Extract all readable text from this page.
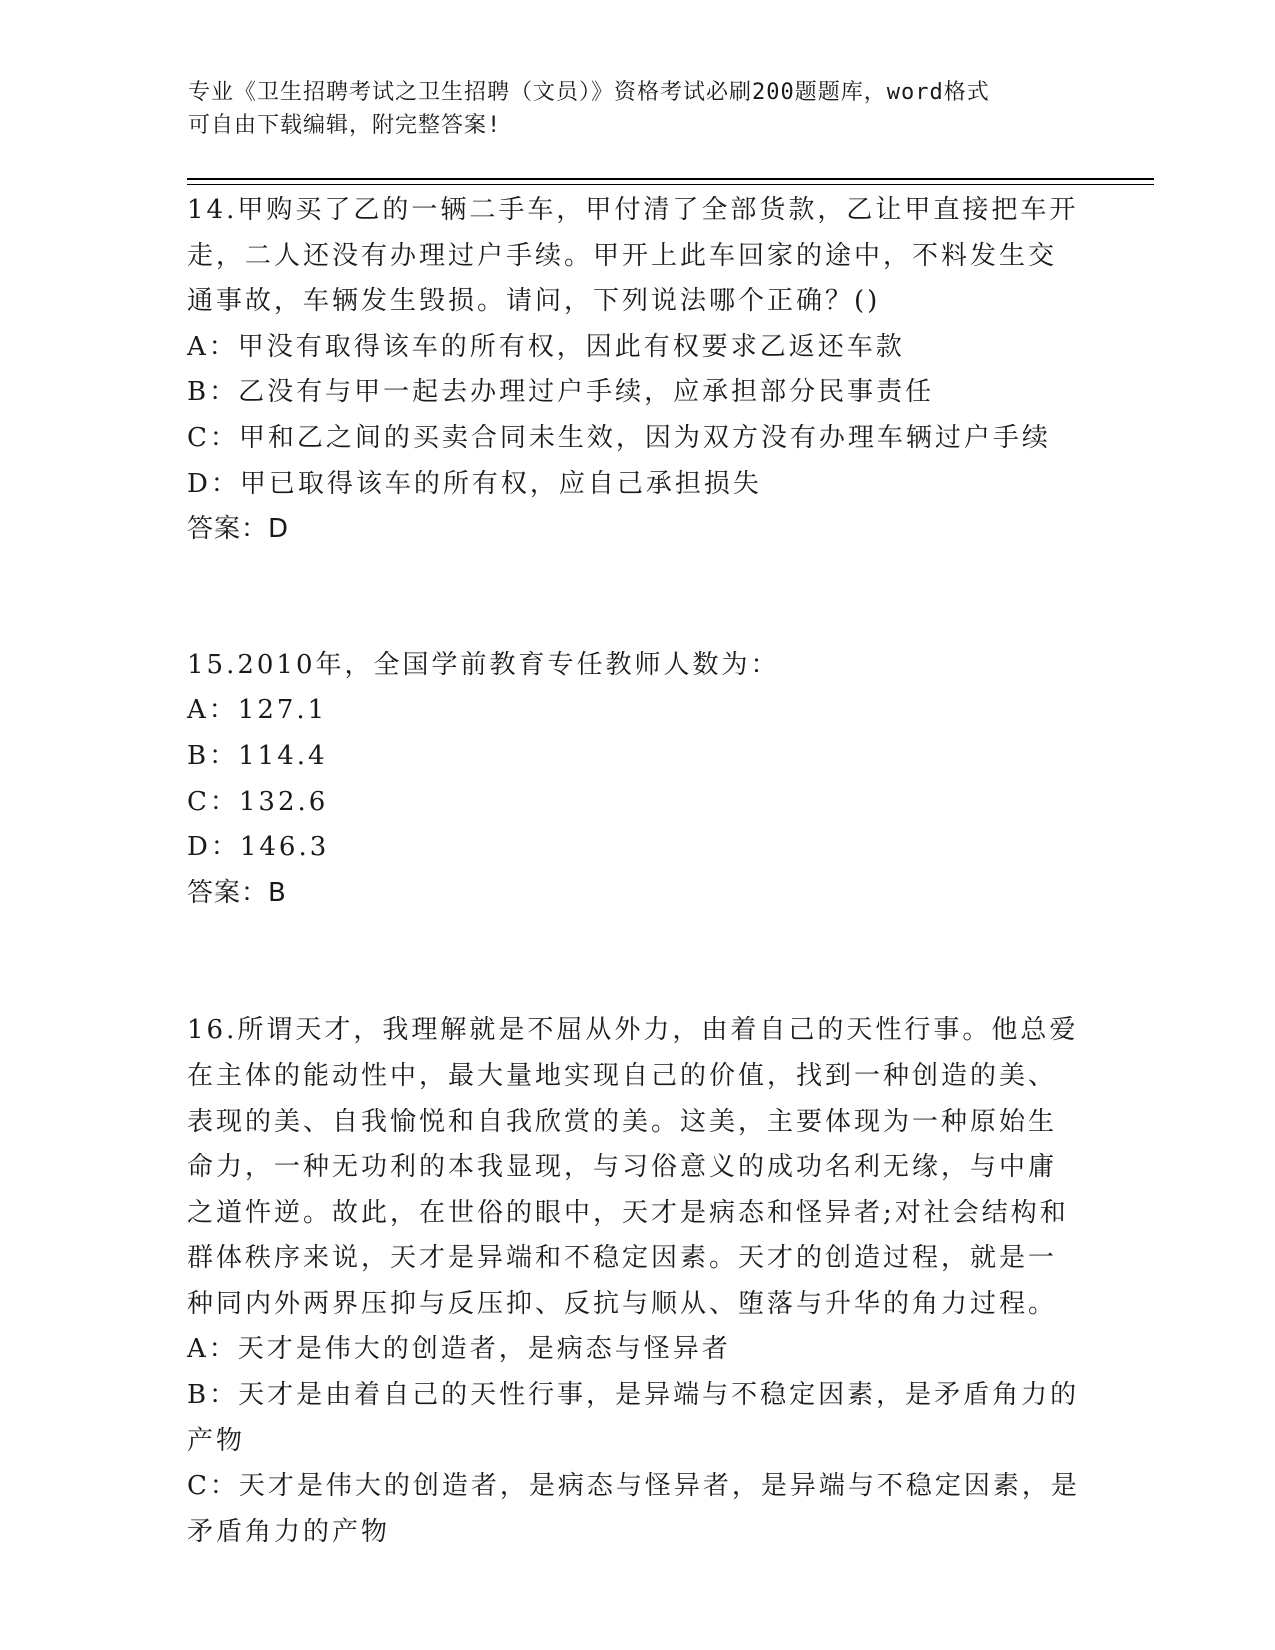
专业《卫生招聘考试之卫生招聘（文员）》资格考试必刷200题题库，word格式
可自由下载编辑，附完整答案!
14.甲购买了乙的一辆二手车，甲付清了全部货款，乙让甲直接把车开
走，二人还没有办理过户手续。甲开上此车回家的途中，不料发生交
通事故，车辆发生毁损。请问，下列说法哪个正确？()
A：甲没有取得该车的所有权，因此有权要求乙返还车款
B：乙没有与甲一起去办理过户手续，应承担部分民事责任
C：甲和乙之间的买卖合同未生效，因为双方没有办理车辆过户手续
D：甲已取得该车的所有权，应自己承担损失
答案：D
15.2010年，全国学前教育专任教师人数为：
A：127.1
B：114.4
C：132.6
D：146.3
答案：B
16.所谓天才，我理解就是不屈从外力，由着自己的天性行事。他总爱
在主体的能动性中，最大量地实现自己的价值，找到一种创造的美、
表现的美、自我愉悦和自我欣赏的美。这美，主要体现为一种原始生
命力，一种无功利的本我显现，与习俗意义的成功名利无缘，与中庸
之道忤逆。故此，在世俗的眼中，天才是病态和怪异者;对社会结构和
群体秩序来说，天才是异端和不稳定因素。天才的创造过程，就是一
种同内外两界压抑与反压抑、反抗与顺从、堕落与升华的角力过程。
A：天才是伟大的创造者，是病态与怪异者
B：天才是由着自己的天性行事，是异端与不稳定因素，是矛盾角力的
产物
C：天才是伟大的创造者，是病态与怪异者，是异端与不稳定因素，是
矛盾角力的产物
